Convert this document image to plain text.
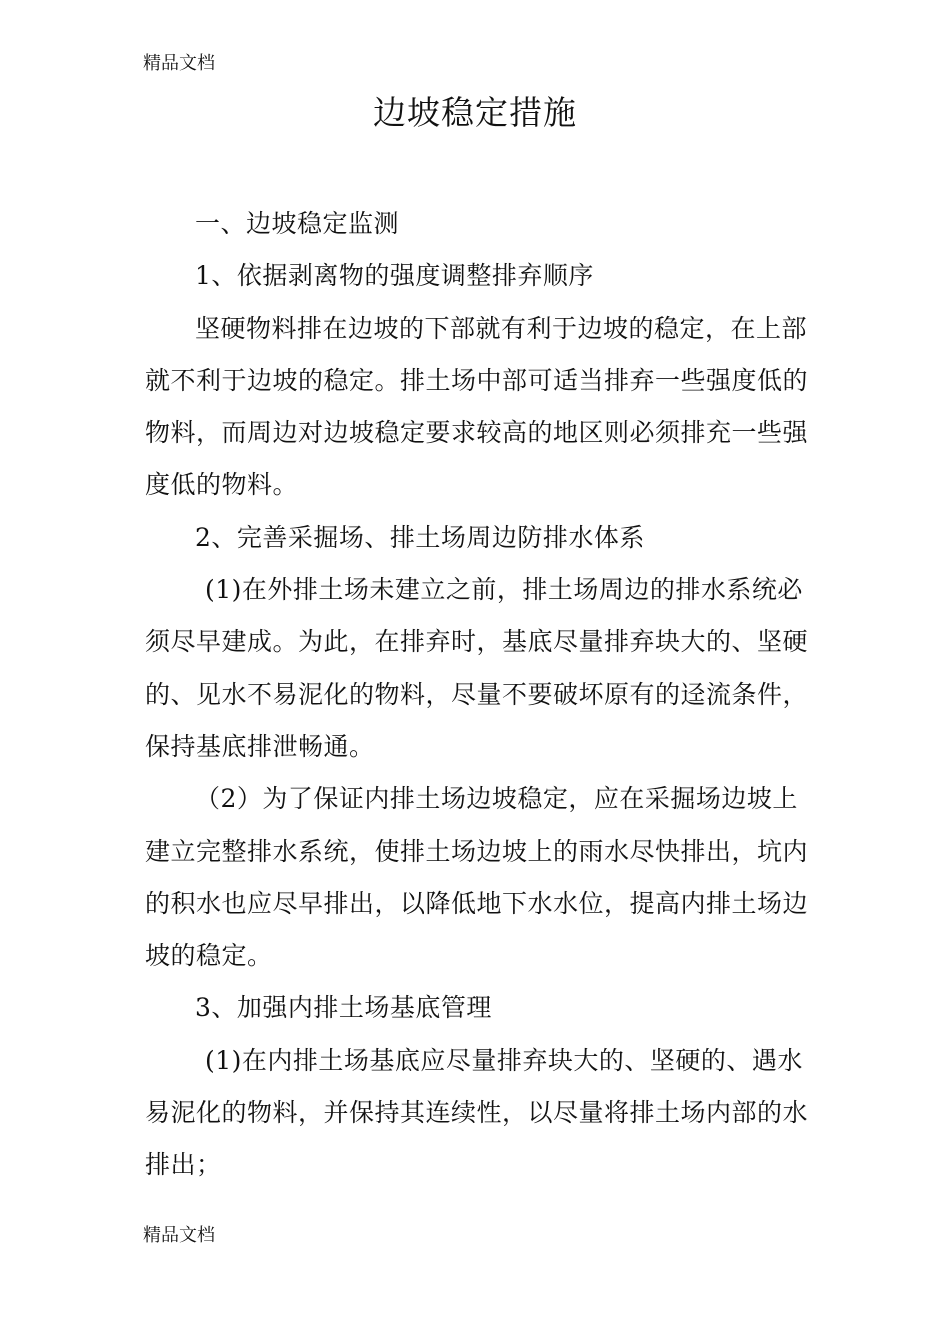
精品文档
边坡稳定措施
一、边坡稳定监测
1、依据剥离物的强度调整排弃顺序
坚硬物料排在边坡的下部就有利于边坡的稳定，在上部
就不利于边坡的稳定。排土场中部可适当排弃一些强度低的
物料，而周边对边坡稳定要求较高的地区则必须排充一些强
度低的物料。
2、完善采掘场、排土场周边防排水体系
(1)在外排土场未建立之前，排土场周边的排水系统必
须尽早建成。为此，在排弃时，基底尽量排弃块大的、坚硬
的、见水不易泥化的物料，尽量不要破坏原有的迳流条件，
保持基底排泄畅通。
（2）为了保证内排土场边坡稳定，应在采掘场边坡上
建立完整排水系统，使排土场边坡上的雨水尽快排出，坑内
的积水也应尽早排出，以降低地下水水位，提高内排土场边
坡的稳定。
3、加强内排土场基底管理
(1)在内排土场基底应尽量排弃块大的、坚硬的、遇水
易泥化的物料，并保持其连续性，以尽量将排土场内部的水
排出；
精品文档
